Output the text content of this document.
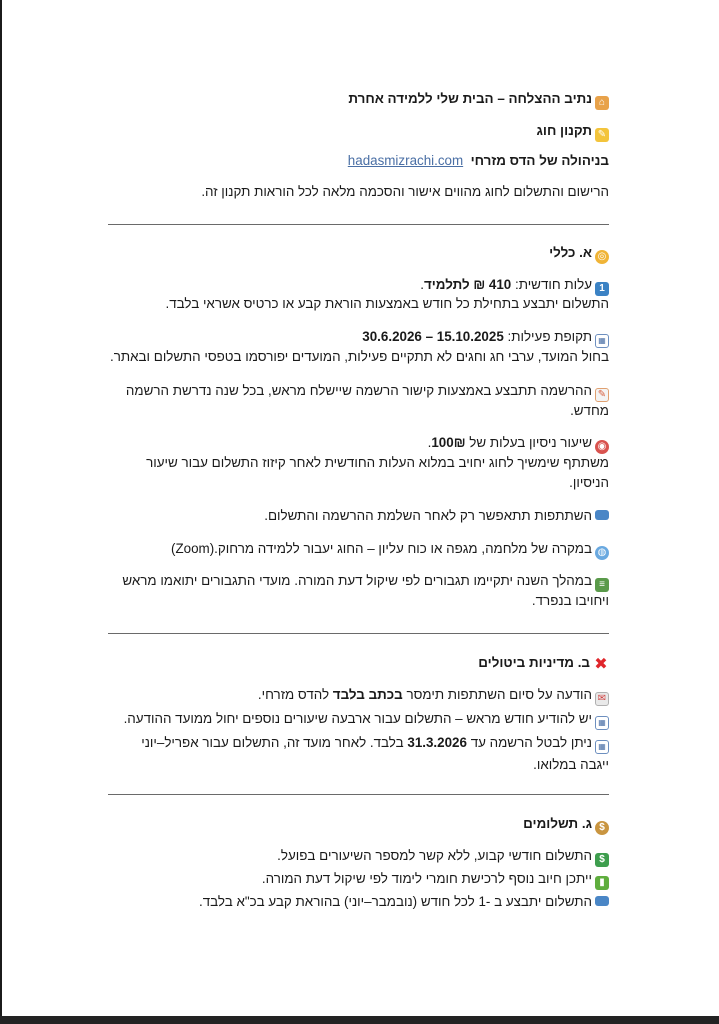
⌂נתיב ההצלחה – הבית שלי ללמידה אחרת
✎תקנון חוג
בניהולה של הדס מזרחי  hadasmizrachi.com
הרישום והתשלום לחוג מהווים אישור והסכמה מלאה לכל הוראות תקנון זה.
◎א. כללי
1עלות חודשית: 410 ₪ לתלמיד.
התשלום יתבצע בתחילת כל חודש באמצעות הוראת קבע או כרטיס אשראי בלבד.
▦תקופת פעילות: 15.10.2025 – 30.6.2026
בחול המועד, ערבי חג וחגים לא תתקיים פעילות, המועדים יפורסמו בטפסי התשלום ובאתר.
✎ההרשמה תתבצע באמצעות קישור הרשמה שיישלח מראש, בכל שנה נדרשת הרשמה
מחדש.
◉שיעור ניסיון בעלות של 100₪.
משתתף שימשיך לחוג יחויב במלוא העלות החודשית לאחר קיזוז התשלום עבור שיעור
הניסיון.
השתתפות תתאפשר רק לאחר השלמת ההרשמה והתשלום.
◍במקרה של מלחמה, מגפה או כוח עליון – החוג יעבור ללמידה מרחוק.(Zoom)
≡במהלך השנה יתקיימו תגבורים לפי שיקול דעת המורה. מועדי התגבורים יתואמו מראש
ויחויבו בנפרד.
✖ב. מדיניות ביטולים
✉הודעה על סיום השתתפות תימסר בכתב בלבד להדס מזרחי.
▦יש להודיע חודש מראש – התשלום עבור ארבעה שיעורים נוספים יחול ממועד ההודעה.
▦ניתן לבטל הרשמה עד 31.3.2026 בלבד. לאחר מועד זה, התשלום עבור אפריל–יוני
ייגבה במלואו.
$ג. תשלומים
$התשלום חודשי קבוע, ללא קשר למספר השיעורים בפועל.
▮ייתכן חיוב נוסף לרכישת חומרי לימוד לפי שיקול דעת המורה.
התשלום יתבצע ב -1 לכל חודש (נובמבר–יוני) בהוראת קבע בכ"א בלבד.
